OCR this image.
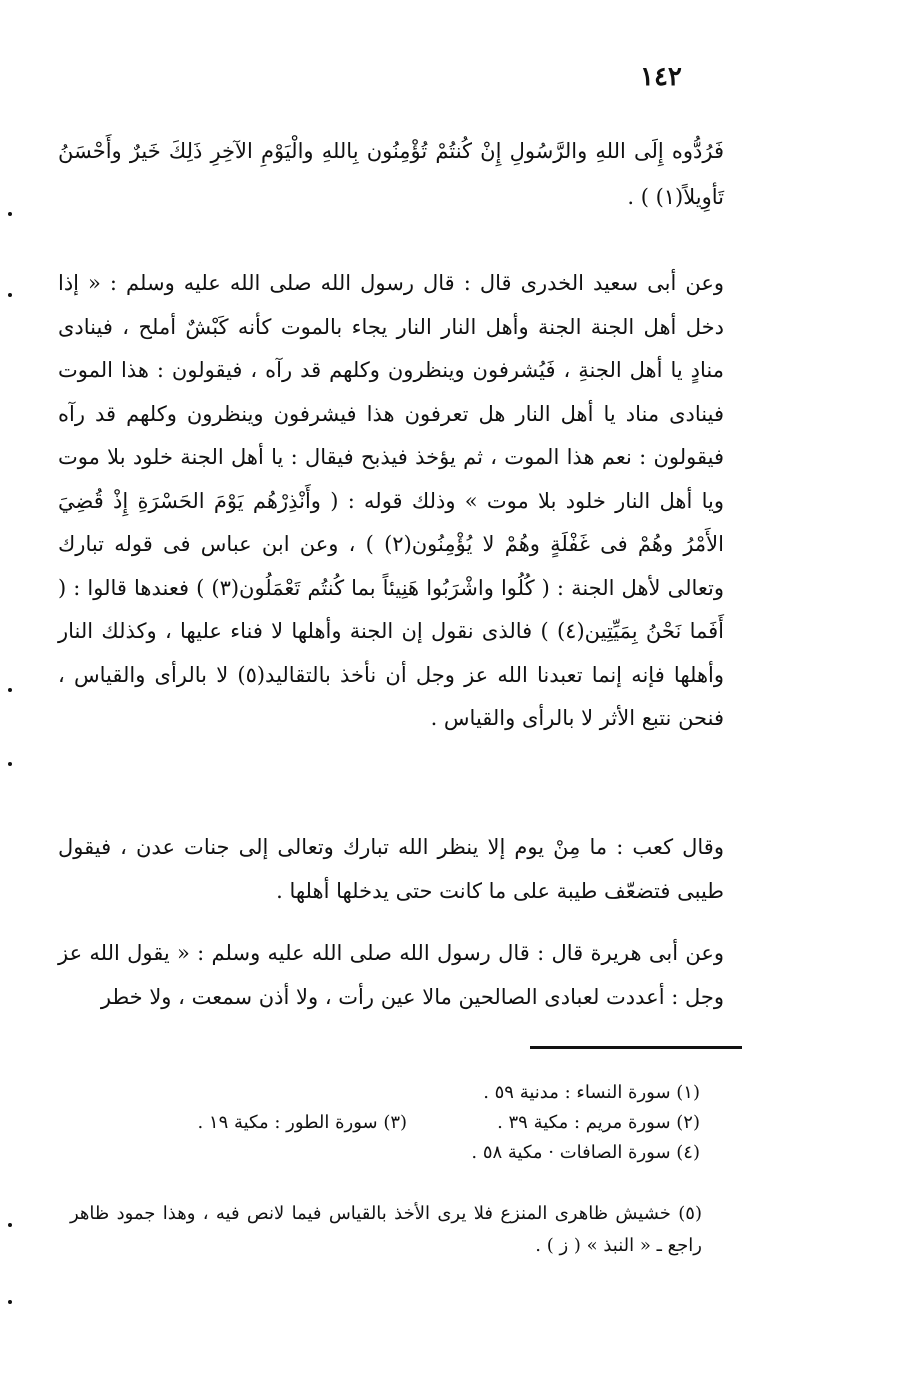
١٤٢

فَرُدُّوه إِلَى اللهِ والرَّسُولِ إِنْ كُنتُمْ تُؤْمِنُون بِاللهِ والْيَوْمِ الآخِرِ ذَلِكَ خَيرٌ وأَحْسَنُ تَأوِيلاً(١) ) .

وعن أبى سعيد الخدرى قال : قال رسول الله صلى الله عليه وسلم : « إذا دخل أهل الجنة الجنة وأهل النار النار يجاء بالموت كأنه كَبْشٌ أملح ، فينادى منادٍ يا أهل الجنةِ ، فَيُشرفون وينظرون وكلهم قد رآه ، فيقولون : هذا الموت فينادى مناد يا أهل النار هل تعرفون هذا فيشرفون وينظرون وكلهم قد رآه فيقولون : نعم هذا الموت ، ثم يؤخذ فيذبح فيقال : يا أهل الجنة خلود بلا موت ويا أهل النار خلود بلا موت » وذلك قوله : ( وأَنْذِرْهُم يَوْمَ الحَسْرَةِ إِذْ قُضِيَ الأَمْرُ وهُمْ فى غَفْلَةٍ وهُمْ لا يُؤْمِنُون(٢) ) ، وعن ابن عباس فى قوله تبارك وتعالى لأهل الجنة : ( كُلُوا واشْرَبُوا هَنِيئاً بما كُنتُم تَعْمَلُون(٣) ) فعندها قالوا : ( أَفَما نَحْنُ بِمَيِّتِين(٤) ) فالذى نقول إن الجنة وأهلها لا فناء عليها ، وكذلك النار وأهلها فإنه إنما تعبدنا الله عز وجل أن نأخذ بالتقاليد(٥) لا بالرأى والقياس ، فنحن نتبع الأثر لا بالرأى والقياس .

وقال كعب : ما مِنْ يوم إلا ينظر الله تبارك وتعالى إلى جنات عدن ، فيقول طيبى فتضعّف طيبة على ما كانت حتى يدخلها أهلها .

وعن أبى هريرة قال : قال رسول الله صلى الله عليه وسلم : « يقول الله عز وجل : أعددت لعبادى الصالحين مالا عين رأت ، ولا أذن سمعت ، ولا خطر

(١) سورة النساء : مدنية ٥٩ .

(٢) سورة مريم : مكية ٣٩ .
(٣) سورة الطور : مكية ١٩ .

(٤) سورة الصافات · مكية ٥٨ .

(٥) خشيش ظاهرى المنزع فلا يرى الأخذ بالقياس فيما لانص فيه ، وهذا جمود ظاهر راجع ـ « النبذ » ( ز ) .
